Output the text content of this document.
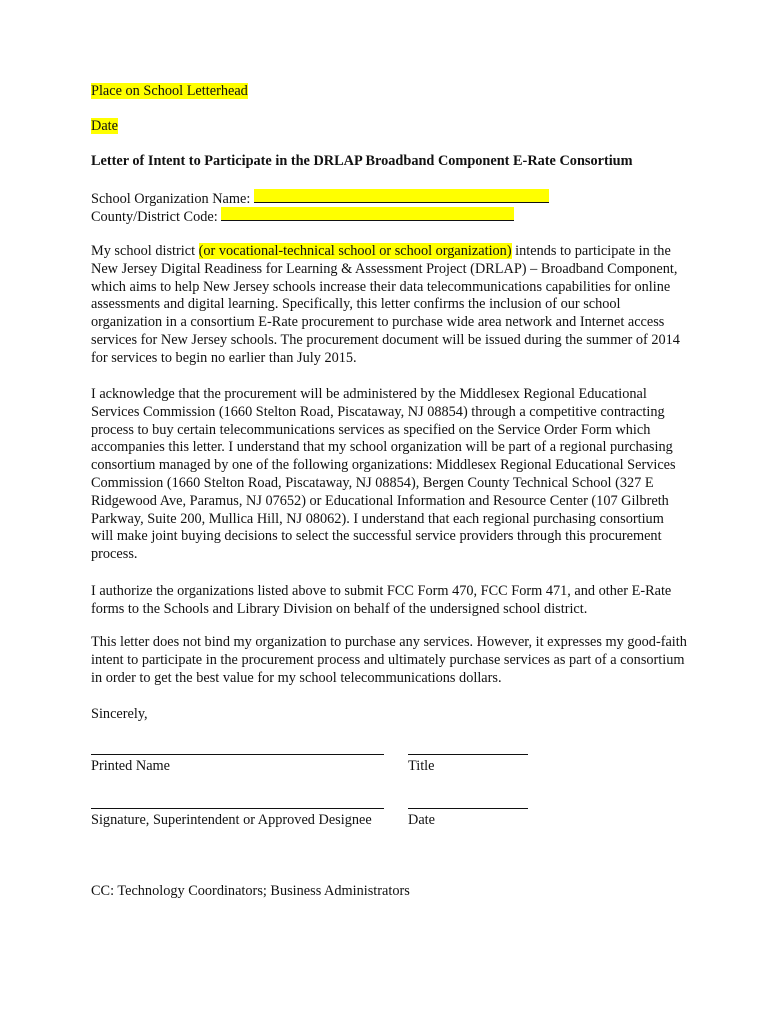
Place on School Letterhead
Date
Letter of Intent to Participate in the DRLAP Broadband Component E-Rate Consortium
School Organization Name:
County/District Code:
My school district (or vocational-technical school or school organization) intends to participate in the New Jersey Digital Readiness for Learning & Assessment Project (DRLAP) – Broadband Component, which aims to help New Jersey schools increase their data telecommunications capabilities for online assessments and digital learning. Specifically, this letter confirms the inclusion of our school organization in a consortium E-Rate procurement to purchase wide area network and Internet access services for New Jersey schools. The procurement document will be issued during the summer of 2014 for services to begin no earlier than July 2015.
I acknowledge that the procurement will be administered by the Middlesex Regional Educational Services Commission (1660 Stelton Road, Piscataway, NJ 08854) through a competitive contracting process to buy certain telecommunications services as specified on the Service Order Form which accompanies this letter. I understand that my school organization will be part of a regional purchasing consortium managed by one of the following organizations: Middlesex Regional Educational Services Commission (1660 Stelton Road, Piscataway, NJ 08854), Bergen County Technical School (327 E Ridgewood Ave, Paramus, NJ 07652) or Educational Information and Resource Center (107 Gilbreth Parkway, Suite 200, Mullica Hill, NJ 08062). I understand that each regional purchasing consortium will make joint buying decisions to select the successful service providers through this procurement process.
I authorize the organizations listed above to submit FCC Form 470, FCC Form 471, and other E-Rate forms to the Schools and Library Division on behalf of the undersigned school district.
This letter does not bind my organization to purchase any services. However, it expresses my good-faith intent to participate in the procurement process and ultimately purchase services as part of a consortium in order to get the best value for my school telecommunications dollars.
Sincerely,
Printed Name	Title
Signature, Superintendent or Approved Designee	Date
CC: Technology Coordinators; Business Administrators
